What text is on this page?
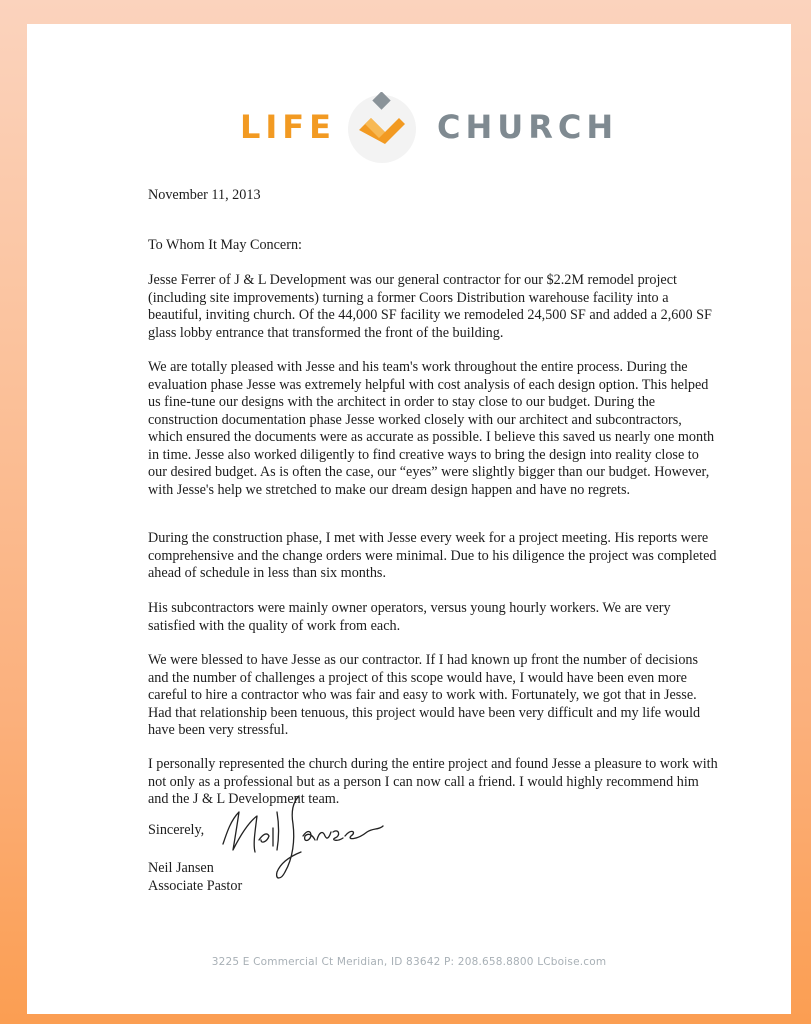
LIFE	CHURCH

November 11, 2013

To Whom It May Concern:

Jesse Ferrer of J & L Development was our general contractor for our $2.2M remodel project (including site improvements) turning a former Coors Distribution warehouse facility into a beautiful, inviting church. Of the 44,000 SF facility we remodeled 24,500 SF and added a 2,600 SF glass lobby entrance that transformed the front of the building.

We are totally pleased with Jesse and his team's work throughout the entire process. During the evaluation phase Jesse was extremely helpful with cost analysis of each design option. This helped us fine-tune our designs with the architect in order to stay close to our budget. During the construction documentation phase Jesse worked closely with our architect and subcontractors, which ensured the documents were as accurate as possible. I believe this saved us nearly one month in time. Jesse also worked diligently to find creative ways to bring the design into reality close to our desired budget. As is often the case, our “eyes” were slightly bigger than our budget. However, with Jesse's help we stretched to make our dream design happen and have no regrets.

During the construction phase, I met with Jesse every week for a project meeting. His reports were comprehensive and the change orders were minimal. Due to his diligence the project was completed ahead of schedule in less than six months.

His subcontractors were mainly owner operators, versus young hourly workers. We are very satisfied with the quality of work from each.

We were blessed to have Jesse as our contractor. If I had known up front the number of decisions and the number of challenges a project of this scope would have, I would have been even more careful to hire a contractor who was fair and easy to work with. Fortunately, we got that in Jesse. Had that relationship been tenuous, this project would have been very difficult and my life would have been very stressful.

I personally represented the church during the entire project and found Jesse a pleasure to work with not only as a professional but as a person I can now call a friend. I would highly recommend him and the J & L Development team.

Sincerely,

Neil Jansen

Associate Pastor

3225 E Commercial Ct Meridian, ID 83642 P: 208.658.8800 LCboise.com
